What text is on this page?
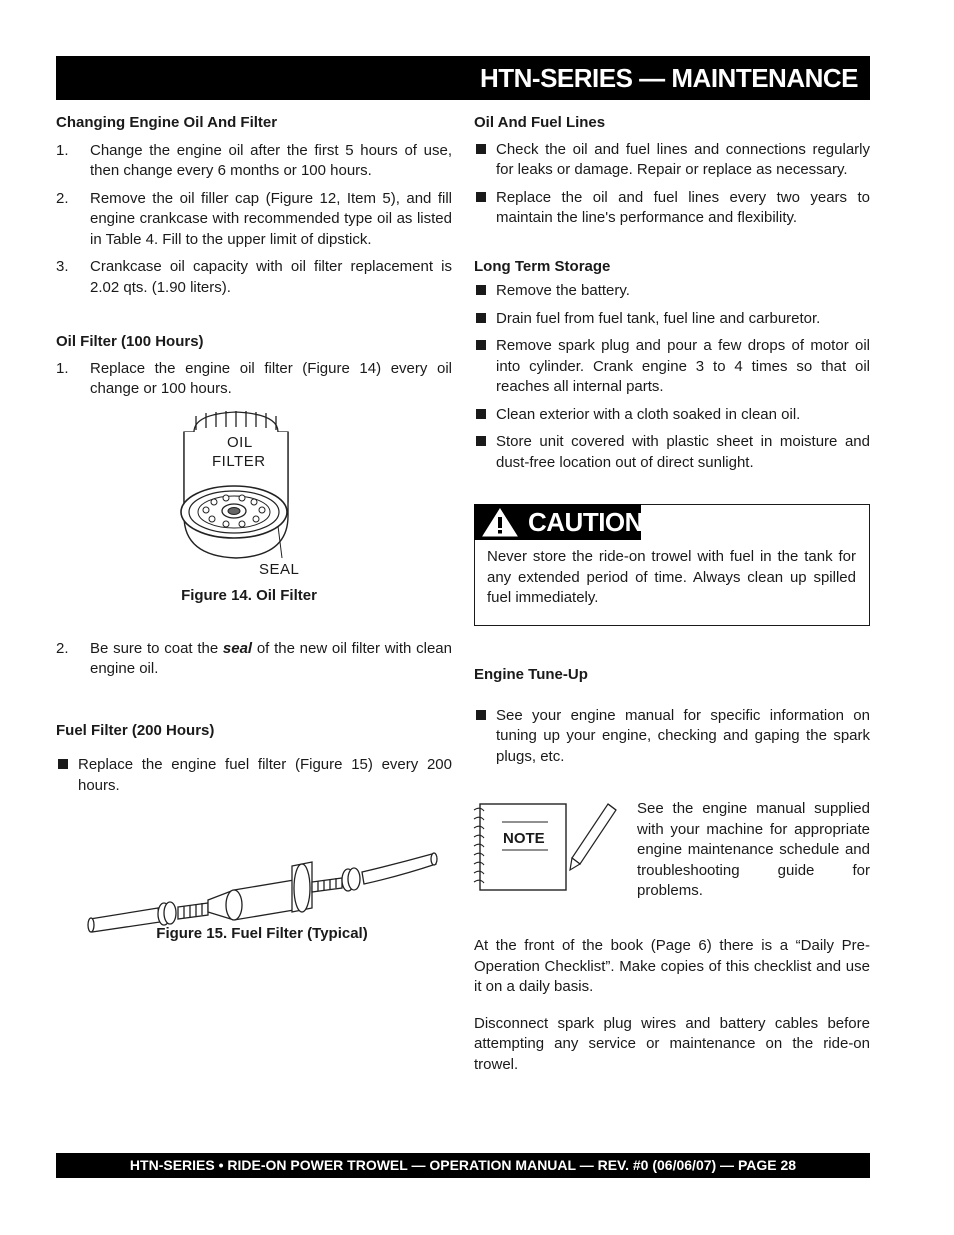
HTN-SERIES — MAINTENANCE

Changing Engine Oil And Filter

1.	Change the engine oil after the first 5 hours of use, then change every 6 months or 100 hours.
2.	Remove the oil filler cap (Figure 12, Item 5), and fill engine crankcase with recommended type oil as listed in Table 4. Fill to the upper limit of dipstick.
3.	Crankcase oil capacity with oil filter replacement is 2.02 qts. (1.90 liters).

Oil Filter (100 Hours)

1.	Replace the engine oil filter (Figure 14) every oil change or 100 hours.
OIL
FILTER
SEAL
Figure 14. Oil Filter
2.	Be sure to coat the seal of the new oil filter with clean engine oil.

Fuel Filter (200 Hours)

Replace the engine fuel filter (Figure 15) every 200 hours.
Figure 15. Fuel Filter (Typical)

Oil And Fuel Lines

Check the oil and fuel lines and connections regularly for leaks or damage. Repair or replace as necessary.
Replace the oil and fuel lines every two years to maintain the line's performance and flexibility.

Long Term Storage

Remove the battery.
Drain fuel from fuel tank, fuel line and carburetor.
Remove spark plug and pour a few drops of motor oil into cylinder. Crank engine 3 to 4 times so that oil reaches all internal parts.
Clean exterior with a cloth soaked in clean oil.
Store unit covered with plastic sheet in moisture and dust-free location out of direct sunlight.
CAUTION
Never store the ride-on trowel with fuel in the tank for any extended period of time. Always clean up spilled fuel immediately.

Engine Tune-Up

See your engine manual for specific information on tuning up your engine, checking and gaping the spark plugs, etc.
NOTE
See the engine manual supplied with your machine for appropriate engine maintenance schedule and troubleshooting guide for problems.

At the front of the book (Page 6) there is a “Daily Pre-Operation Checklist”. Make copies of this checklist and use it on a daily basis.

Disconnect spark plug wires and battery cables before attempting any service or maintenance on the ride-on trowel.

HTN-SERIES • RIDE-ON POWER TROWEL — OPERATION MANUAL — REV. #0 (06/06/07) — PAGE 28
